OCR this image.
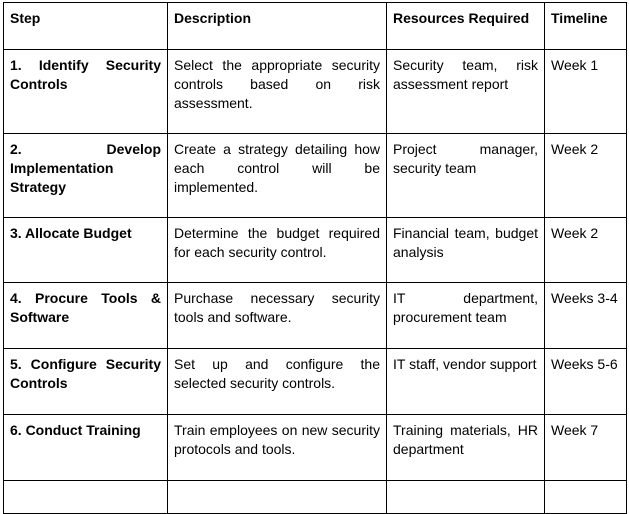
Step	Description	Resources Required	Timeline
1. Identify Security Controls	Select the appropriate security controls based on risk assessment.	Security team, risk assessment report	Week 1
2. Develop Implementation Strategy	Create a strategy detailing how each control will be implemented.	Project manager, security team	Week 2
3. Allocate Budget	Determine the budget required for each security control.	Financial team, budget analysis	Week 2
4. Procure Tools & Software	Purchase necessary security tools and software.	IT department, procurement team	Weeks 3-4
5. Configure Security Controls	Set up and configure the selected security controls.	IT staff, vendor support	Weeks 5-6
6. Conduct Training	Train employees on new security protocols and tools.	Training materials, HR department	Week 7
